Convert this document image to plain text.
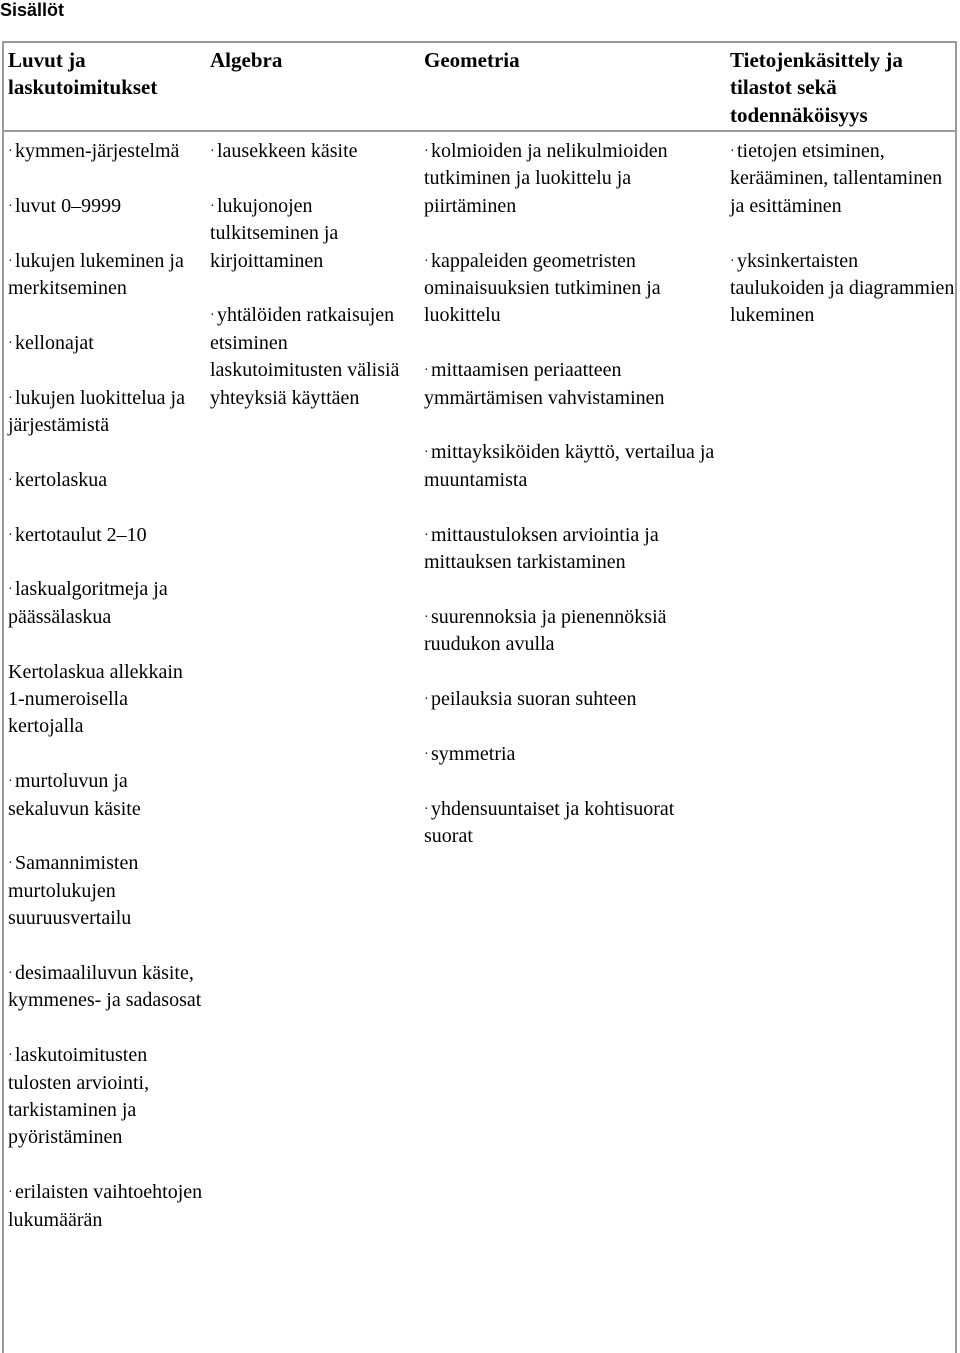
Sisällöt
Luvut ja laskutoimitukset
Algebra	Geometria	Tietojenkäsittely ja tilastot sekä todennäköisyys
· kymmen-järjestelmä
· luvut 0–9999
· lukujen lukeminen ja merkitseminen
· kellonajat
· lukujen luokittelua ja järjestämistä
· kertolaskua
· kertotaulut 2–10
· laskualgoritmeja ja päässälaskua
Kertolaskua allekkain 1-numeroisella kertojalla
· murtoluvun ja sekaluvun käsite
· Samannimisten murtolukujen suuruusvertailu
· desimaaliluvun käsite, kymmenes- ja sadasosat
· laskutoimitusten tulosten arviointi, tarkistaminen ja pyöristäminen
· erilaisten vaihtoehtojen lukumäärän
· lausekkeen käsite
· lukujonojen tulkitseminen ja kirjoittaminen
· yhtälöiden ratkaisujen etsiminen laskutoimitusten välisiä yhteyksiä käyttäen
· kolmioiden ja nelikulmioiden tutkiminen ja luokittelu ja piirtäminen
· kappaleiden geometristen ominaisuuksien tutkiminen ja luokittelu
· mittaamisen periaatteen ymmärtämisen vahvistaminen
· mittayksiköiden käyttö, vertailua ja muuntamista
· mittaustuloksen arviointia ja mittauksen tarkistaminen
· suurennoksia ja pienennöksiä ruudukon avulla
· peilauksia suoran suhteen
· symmetria
· yhdensuuntaiset ja kohtisuorat suorat
· tietojen etsiminen, kerääminen, tallentaminen ja esittäminen
· yksinkertaisten taulukoiden ja diagrammien lukeminen
